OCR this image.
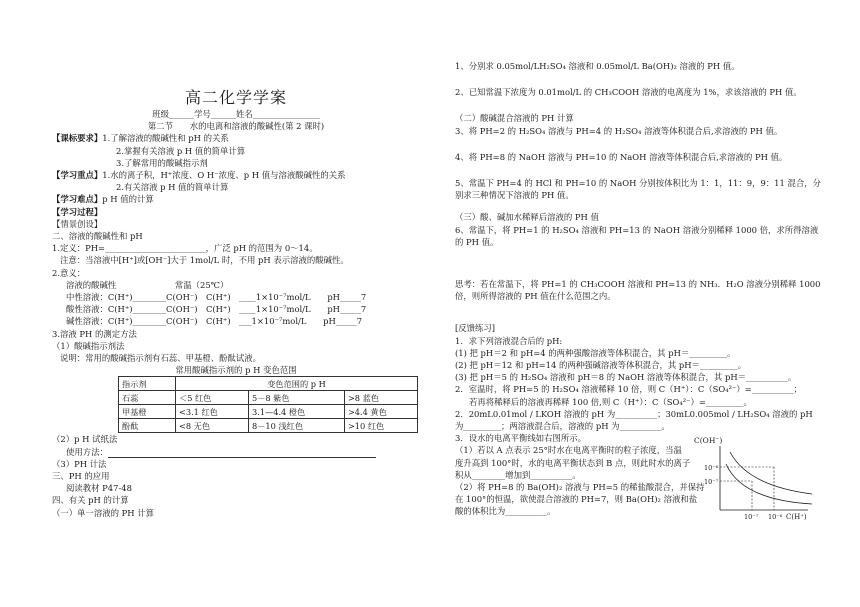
高二化学学案
班级______学号______姓名________________
第二节　　水的电离和溶液的酸碱性(第 2 课时)
【课标要求】1.了解溶液的酸碱性和 pH 的关系
2.掌握有关溶液 p H 值的简单计算
3.了解常用的酸碱指示剂
【学习重点】1.水的离子积，H⁺浓度、O H⁻浓度、p H 值与溶液酸碱性的关系
2.有关溶液 p H 值的简单计算
【学习难点】p H 值的计算
【学习过程】
【情景创设】
二、溶液的酸碱性和 pH
1.定义：PH=________________________，广泛 pH 的范围为 0～14。
注意：当溶液中[H⁺]或[OH⁻]大于 1mol/L 时，不用 pH 表示溶液的酸碱性。
2.意义：
溶液的酸碱性　　　　　　　常温（25℃）
中性溶液：C(H⁺)________C(OH⁻)　C(H⁺)　____1×10⁻⁷mol/L　　pH_____7
酸性溶液：C(H⁺)________C(OH⁻)　C(H⁺)　____1×10⁻⁷mol/L　　pH_____7
碱性溶液：C(H⁺)________C(OH⁻)　C(H⁺)　___1×10⁻⁷mol/L　　pH_____7
3.溶液 PH 的测定方法
（1）酸碱指示剂法
说明：常用的酸碱指示剂有石蕊、甲基橙、酚酞试液。
常用酸碱指示剂的 p H 变色范围
指示剂	变色范围的 p H		
石蕊	＜5 红色	5－8 紫色	>8 蓝色
甲基橙	<3.1 红色	3.1—4.4 橙色	>4.4 黄色
酚酞	<8 无色	8－10 浅红色	>10 红色
（2）p H 试纸法
使用方法：
（3）PH 计法
三、PH 的应用
阅读教材 P47-48
四、有关 pH 的计算
（一）单一溶液的 PH 计算
1、分别求 0.05mol/LH₂SO₄ 溶液和 0.05mol/L Ba(OH)₂ 溶液的 PH 值。
2、已知常温下浓度为 0.01mol/L 的 CH₃COOH 溶液的电离度为 1%，求该溶液的 PH 值。
（二）酸碱混合溶液的 PH 计算
3、将 PH=2 的 H₂SO₄ 溶液与 PH=4 的 H₂SO₄ 溶液等体积混合后,求溶液的 PH 值。
4、将 PH=8 的 NaOH 溶液与 PH=10 的 NaOH 溶液等体积混合后,求溶液的 PH 值。
5、常温下 PH=4 的 HCl 和 PH=10 的 NaOH 分别按体积比为 1：1，11：9，9：11 混合，分
别求三种情况下溶液的 PH 值。
（三）酸、碱加水稀释后溶液的 PH 值
6、常温下，将 PH=1 的 H₂SO₄ 溶液和 PH=13 的 NaOH 溶液分别稀释 1000 倍，求所得溶液
的 PH 值。
思考：若在常温下，将 PH=1 的 CH₃COOH 溶液和 PH=13 的 NH₃．H₂O 溶液分别稀释 1000
倍，则所得溶液的 PH 值在什么范围之内。
[反馈练习]
1．求下列溶液混合后的 pH:
(1) 把 pH＝2 和 pH=4 的两种强酸溶液等体积混合，其 pH＝_________。
(2) 把 pH＝12 和 pH=14 的两种强碱溶液等体积混合，其 pH＝_________。
(3) 把 pH＝5 的 H₂SO₄ 溶液和 pH＝8 的 NaOH 溶液等体积混合，其 pH＝__________。
2．室温时，将 PH=5 的 H₂SO₄ 溶液稀释 10 倍，则 C（H⁺）：C（SO₄²⁻）=__________；
若再将稀释后的溶液再稀释 100 倍,则 C（H⁺）：C（SO₄²⁻）=_________。
2．20mL0.01mol / LKOH 溶液的 pH 为__________；30mL0.005mol / LH₂SO₄ 溶液的 pH
为_________；两溶液混合后，溶液的 pH 为__________。
3．设水的电离平衡线如右图所示。
（1）若以 A 点表示 25°时水在电离平衡时的粒子浓度，当温
度升高到 100°时，水的电离平衡状态到 B 点，则此时水的离子
积从________增加到__________。
（2）将 PH=8 的 Ba(OH)₂ 溶液与 PH=5 的稀盐酸混合，并保持
在 100°的恒温，欲使混合溶液的 PH=7，则 Ba(OH)₂ 溶液和盐
酸的体积比为__________。
C(OH⁻)
10⁻⁶
10⁻⁷
10⁻⁷ 10⁻⁶ C(H⁺)
